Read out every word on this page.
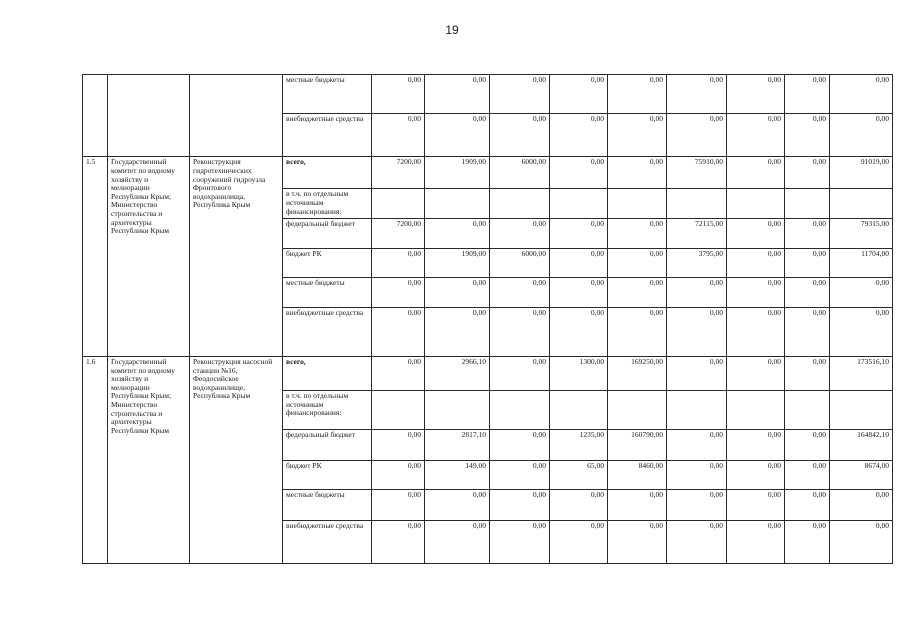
19
			местные бюджеты	0,00	0,00	0,00	0,00	0,00	0,00	0,00	0,00	0,00
			внебюджетные средства	0,00	0,00	0,00	0,00	0,00	0,00	0,00	0,00	0,00
1.5	Государственный комитет по водному хозяйству и мелиорации Республики Крым; Министерство строительства и архитектуры Республики Крым	Реконструкция гидротехнических сооружений гидроузла Фронтового водохранилища, Республика Крым	всего,	7200,00	1909,00	6000,00	0,00	0,00	75910,00	0,00	0,00	91019,00
			в т.ч. по отдельным источникам финансирования:									
			федеральный бюджет	7200,00	0,00	0,00	0,00	0,00	72115,00	0,00	0,00	79315,00
			бюджет РК	0,00	1909,00	6000,00	0,00	0,00	3795,00	0,00	0,00	11704,00
			местные бюджеты	0,00	0,00	0,00	0,00	0,00	0,00	0,00	0,00	0,00
			внебюджетные средства	0,00	0,00	0,00	0,00	0,00	0,00	0,00	0,00	0,00
1.6	Государственный комитет по водному хозяйству и мелиорации Республики Крым; Министерство строительства и архитектуры Республики Крым	Реконструкция насосной станции №16, Феодосийское водохранилище, Республика Крым	всего,	0,00	2966,10	0,00	1300,00	169250,00	0,00	0,00	0,00	173516,10
			в т.ч. по отдельным источникам финансирования:									
			федеральный бюджет	0,00	2817,10	0,00	1235,00	160790,00	0,00	0,00	0,00	164842,10
			бюджет РК	0,00	149,00	0,00	65,00	8460,00	0,00	0,00	0,00	8674,00
			местные бюджеты	0,00	0,00	0,00	0,00	0,00	0,00	0,00	0,00	0,00
			внебюджетные средства	0,00	0,00	0,00	0,00	0,00	0,00	0,00	0,00	0,00
